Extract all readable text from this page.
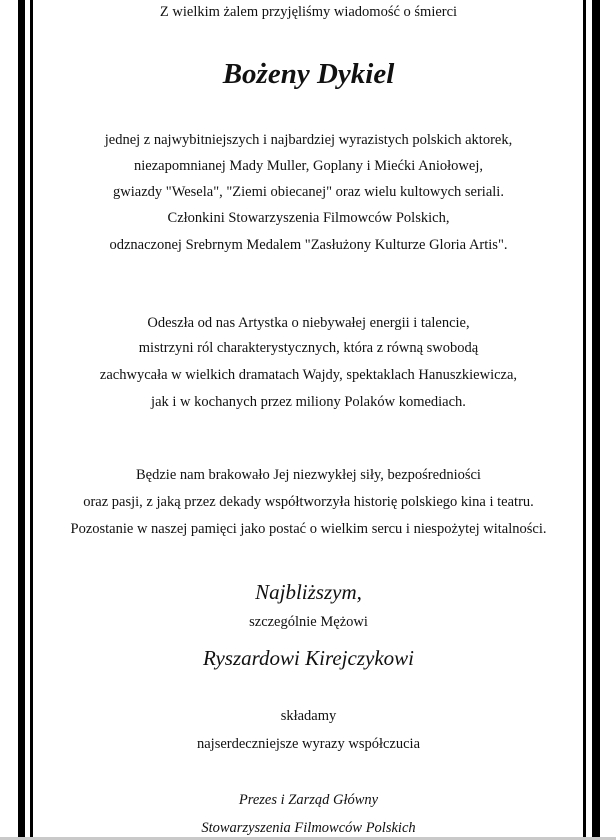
Z wielkim żalem przyjęliśmy wiadomość o śmierci
Bożeny Dykiel
jednej z najwybitniejszych i najbardziej wyrazistych polskich aktorek,
niezapomnianej Mady Muller, Goplany i Miećki Aniołowej,
gwiazdy "Wesela", "Ziemi obiecanej" oraz wielu kultowych seriali.
Członkini Stowarzyszenia Filmowców Polskich,
odznaczonej Srebrnym Medalem "Zasłużony Kulturze Gloria Artis".
Odeszła od nas Artystka o niebywałej energii i talencie,
mistrzyni ról charakterystycznych, która z równą swobodą
zachwycała w wielkich dramatach Wajdy, spektaklach Hanuszkiewicza,
jak i w kochanych przez miliony Polaków komediach.
Będzie nam brakowało Jej niezwykłej siły, bezpośredniości
oraz pasji, z jaką przez dekady współtworzyła historię polskiego kina i teatru.
Pozostanie w naszej pamięci jako postać o wielkim sercu i niespożytej witalności.
Najbliższym,
szczególnie Mężowi
Ryszardowi Kirejczykowi
składamy
najserdeczniejsze wyrazy współczucia
Prezes i Zarząd Główny
Stowarzyszenia Filmowców Polskich
